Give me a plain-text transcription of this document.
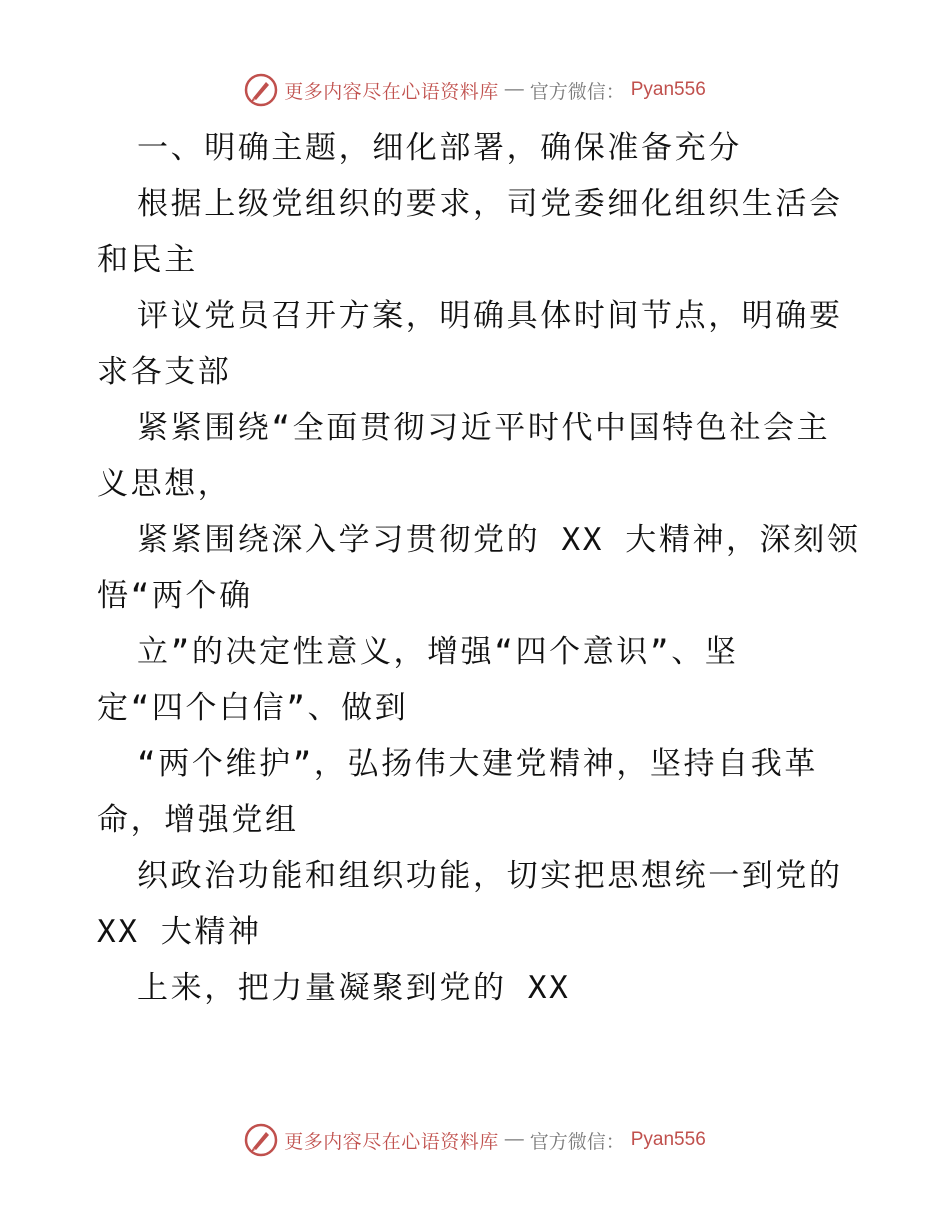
更多内容尽在心语资料库 — 官方微信： Pyan556
一、明确主题，细化部署，确保准备充分
根据上级党组织的要求，司党委细化组织生活会
和民主
评议党员召开方案，明确具体时间节点，明确要
求各支部
紧紧围绕“全面贯彻习近平时代中国特色社会主
义思想，
紧紧围绕深入学习贯彻党的 XX 大精神，深刻领
悟“两个确
立”的决定性意义，增强“四个意识”、坚
定“四个白信”、做到
“两个维护”，弘扬伟大建党精神，坚持自我革
命，增强党组
织政治功能和组织功能，切实把思想统一到党的
XX 大精神
上来，把力量凝聚到党的 XX
更多内容尽在心语资料库 — 官方微信： Pyan556
